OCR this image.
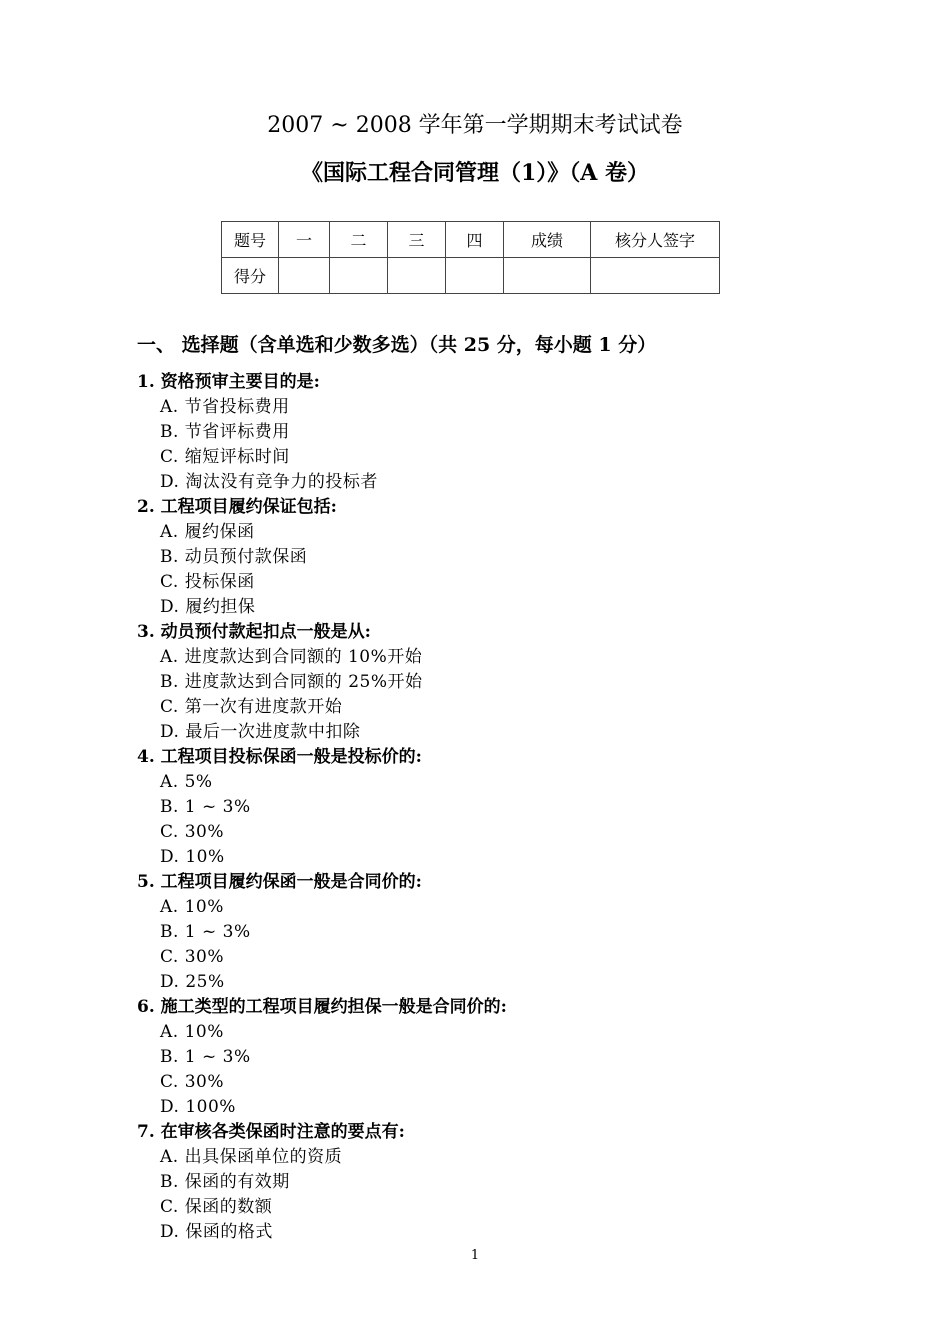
2007 ~ 2008 学年第一学期期末考试试卷
《国际工程合同管理（1）》（A 卷）
题号	一	二	三	四	成绩	核分人签字
得分						
一、 选择题（含单选和少数多选）（共 25 分，每小题 1 分）
1. 资格预审主要目的是:
A. 节省投标费用
B. 节省评标费用
C. 缩短评标时间
D. 淘汰没有竞争力的投标者
2. 工程项目履约保证包括:
A. 履约保函
B. 动员预付款保函
C. 投标保函
D. 履约担保
3. 动员预付款起扣点一般是从:
A. 进度款达到合同额的 10%开始
B. 进度款达到合同额的 25%开始
C. 第一次有进度款开始
D. 最后一次进度款中扣除
4. 工程项目投标保函一般是投标价的:
A. 5%
B. 1 ~ 3%
C. 30%
D. 10%
5. 工程项目履约保函一般是合同价的:
A. 10%
B. 1 ~ 3%
C. 30%
D. 25%
6. 施工类型的工程项目履约担保一般是合同价的:
A. 10%
B. 1 ~ 3%
C. 30%
D. 100%
7. 在审核各类保函时注意的要点有:
A. 出具保函单位的资质
B. 保函的有效期
C. 保函的数额
D. 保函的格式
1
